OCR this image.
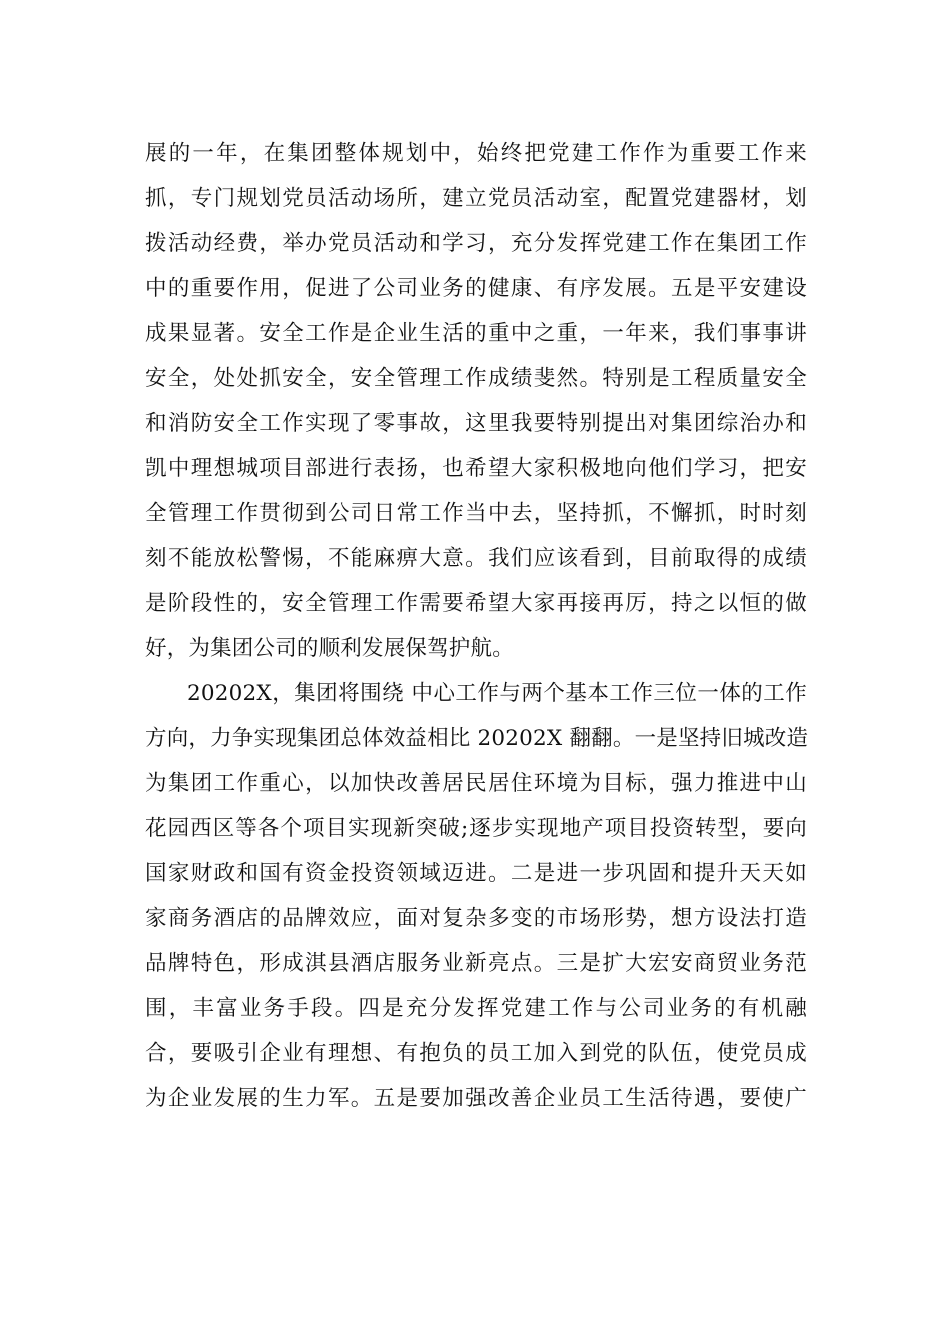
展的一年，在集团整体规划中，始终把党建工作作为重要工作来
抓，专门规划党员活动场所，建立党员活动室，配置党建器材，划
拨活动经费，举办党员活动和学习，充分发挥党建工作在集团工作
中的重要作用，促进了公司业务的健康、有序发展。五是平安建设
成果显著。安全工作是企业生活的重中之重，一年来，我们事事讲
安全，处处抓安全，安全管理工作成绩斐然。特别是工程质量安全
和消防安全工作实现了零事故，这里我要特别提出对集团综治办和
凯中理想城项目部进行表扬，也希望大家积极地向他们学习，把安
全管理工作贯彻到公司日常工作当中去，坚持抓，不懈抓，时时刻
刻不能放松警惕，不能麻痹大意。我们应该看到，目前取得的成绩
是阶段性的，安全管理工作需要希望大家再接再厉，持之以恒的做
好，为集团公司的顺利发展保驾护航。
20202X，集团将围绕 中心工作与两个基本工作三位一体的工作
方向，力争实现集团总体效益相比 20202X 翻翻。一是坚持旧城改造
为集团工作重心，以加快改善居民居住环境为目标，强力推进中山
花园西区等各个项目实现新突破;逐步实现地产项目投资转型，要向
国家财政和国有资金投资领域迈进。二是进一步巩固和提升天天如
家商务酒店的品牌效应，面对复杂多变的市场形势，想方设法打造
品牌特色，形成淇县酒店服务业新亮点。三是扩大宏安商贸业务范
围，丰富业务手段。四是充分发挥党建工作与公司业务的有机融
合，要吸引企业有理想、有抱负的员工加入到党的队伍，使党员成
为企业发展的生力军。五是要加强改善企业员工生活待遇，要使广
